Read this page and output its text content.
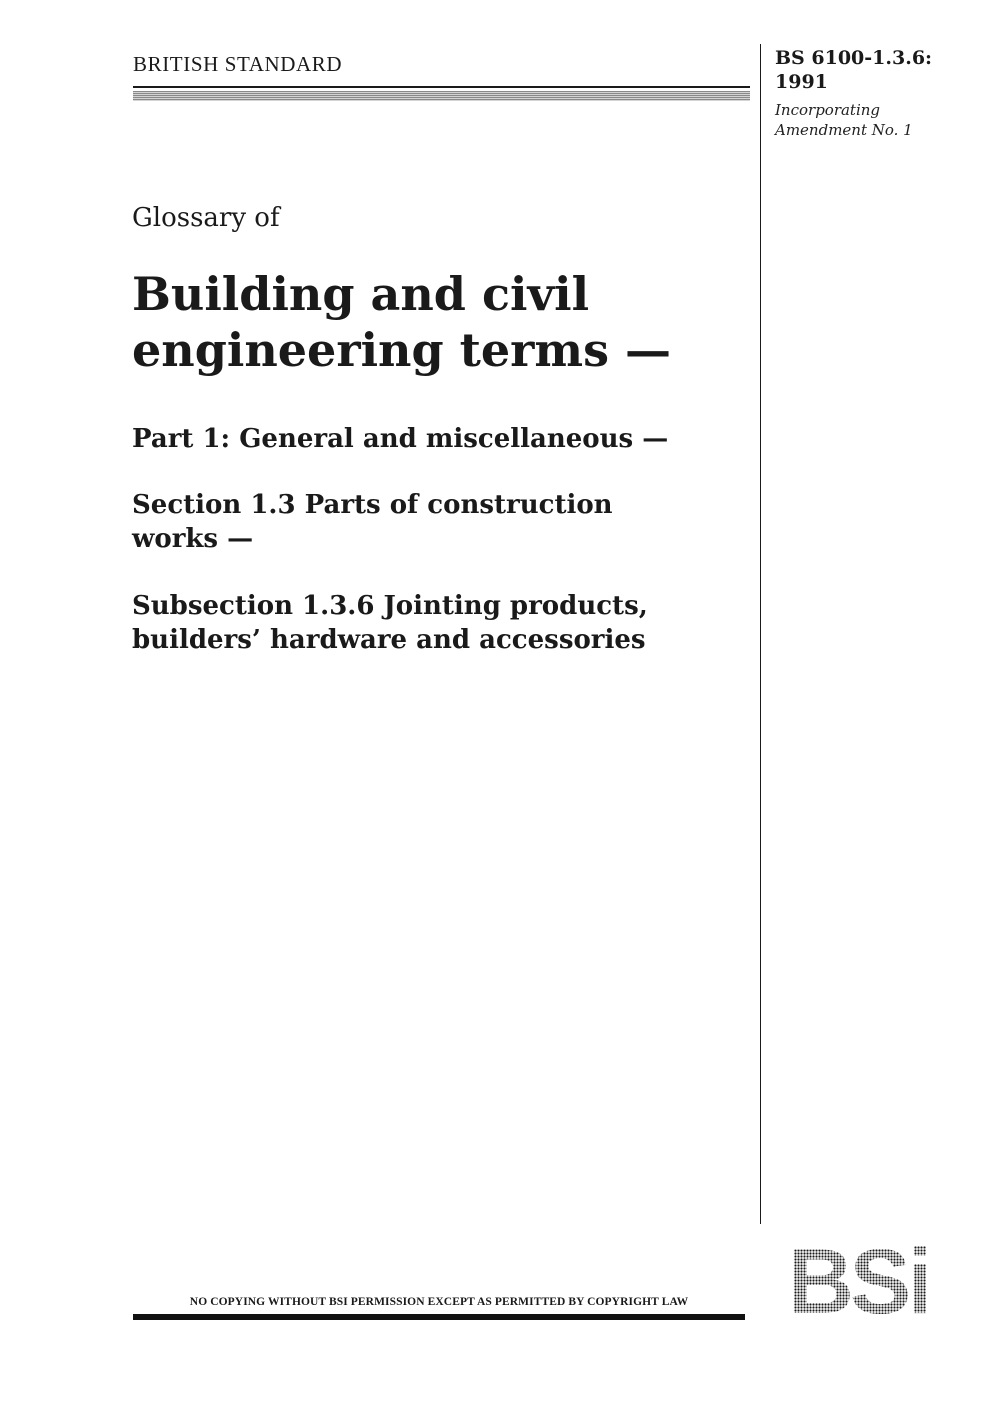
BRITISH STANDARD	BS 6100-1.3.6:
1991
Incorporating
Amendment No. 1
Glossary of
Building and civil
engineering terms —
Part 1: General and miscellaneous —
Section 1.3 Parts of construction
works —
Subsection 1.3.6 Jointing products,
builders’ hardware and accessories
BSi
NO COPYING WITHOUT BSI PERMISSION EXCEPT AS PERMITTED BY COPYRIGHT LAW
